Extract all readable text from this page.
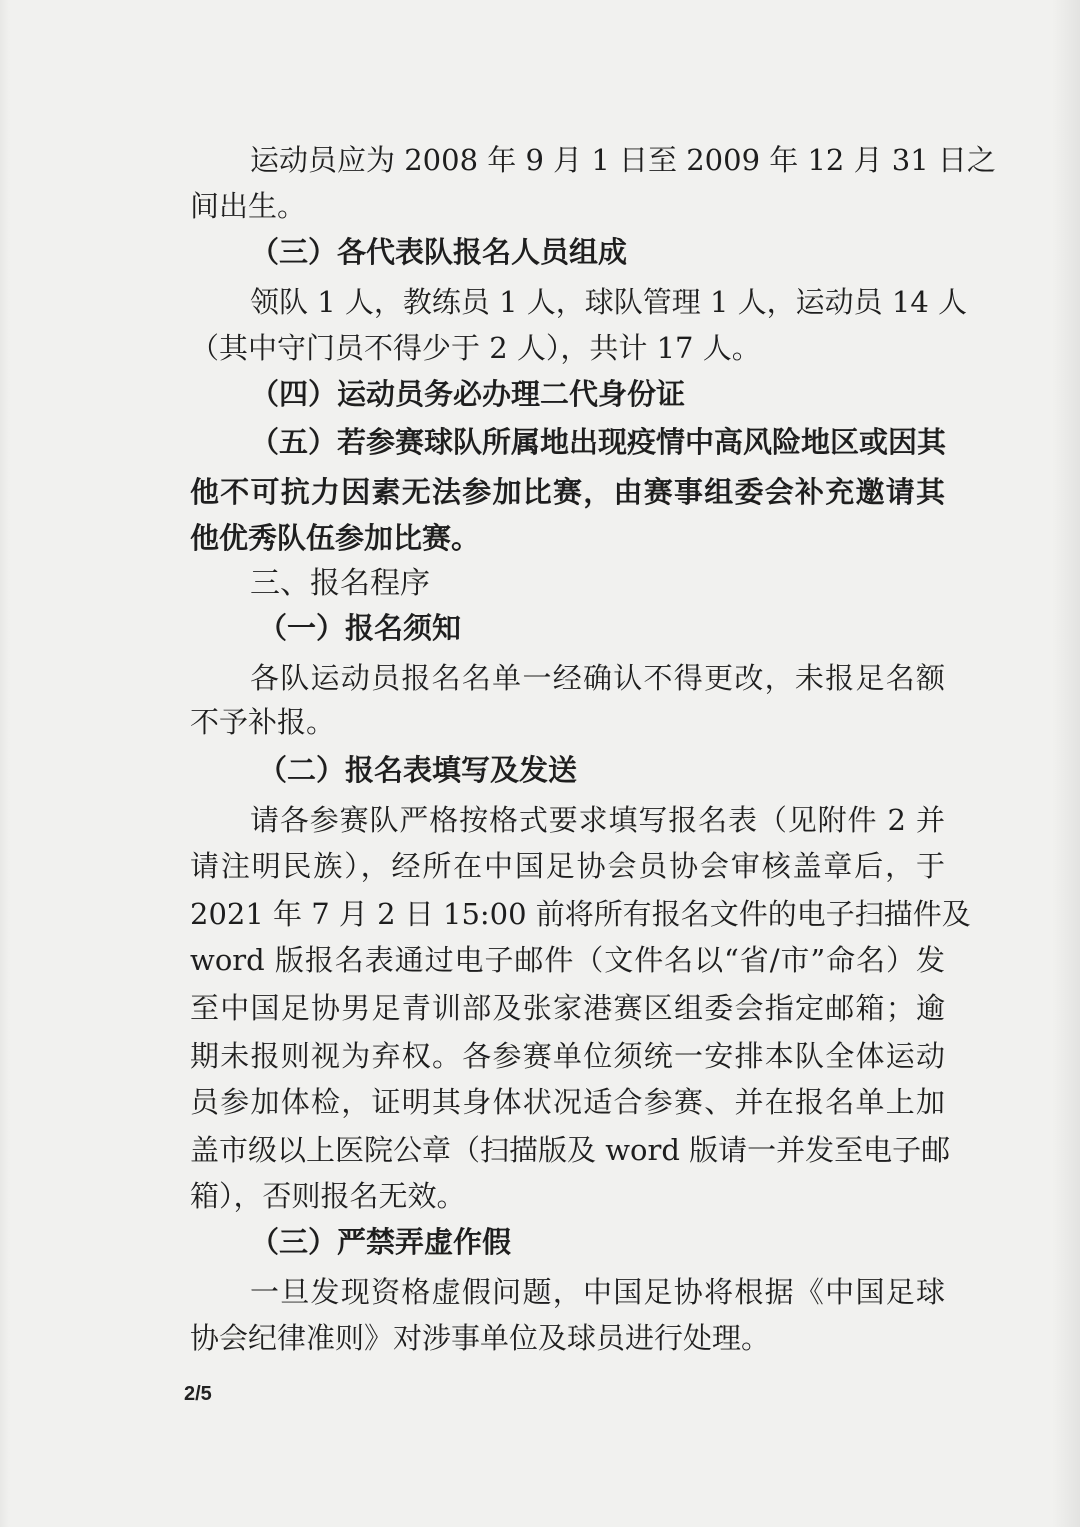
运动员应为 2008 年 9 月 1 日至 2009 年 12 月 31 日之
间出生。
（三）各代表队报名人员组成
领队 1 人，教练员 1 人，球队管理 1 人，运动员 14 人
（其中守门员不得少于 2 人），共计 17 人。
（四）运动员务必办理二代身份证
（五）若参赛球队所属地出现疫情中高风险地区或因其
他不可抗力因素无法参加比赛，由赛事组委会补充邀请其
他优秀队伍参加比赛。
三、报名程序
（一）报名须知
各队运动员报名名单一经确认不得更改，未报足名额
不予补报。
（二）报名表填写及发送
请各参赛队严格按格式要求填写报名表（见附件 2 并
请注明民族），经所在中国足协会员协会审核盖章后，于
2021 年 7 月 2 日 15:00 前将所有报名文件的电子扫描件及
word 版报名表通过电子邮件（文件名以“省/市”命名）发
至中国足协男足青训部及张家港赛区组委会指定邮箱；逾
期未报则视为弃权。各参赛单位须统一安排本队全体运动
员参加体检，证明其身体状况适合参赛、并在报名单上加
盖市级以上医院公章（扫描版及 word 版请一并发至电子邮
箱），否则报名无效。
（三）严禁弄虚作假
一旦发现资格虚假问题，中国足协将根据《中国足球
协会纪律准则》对涉事单位及球员进行处理。
2/5
